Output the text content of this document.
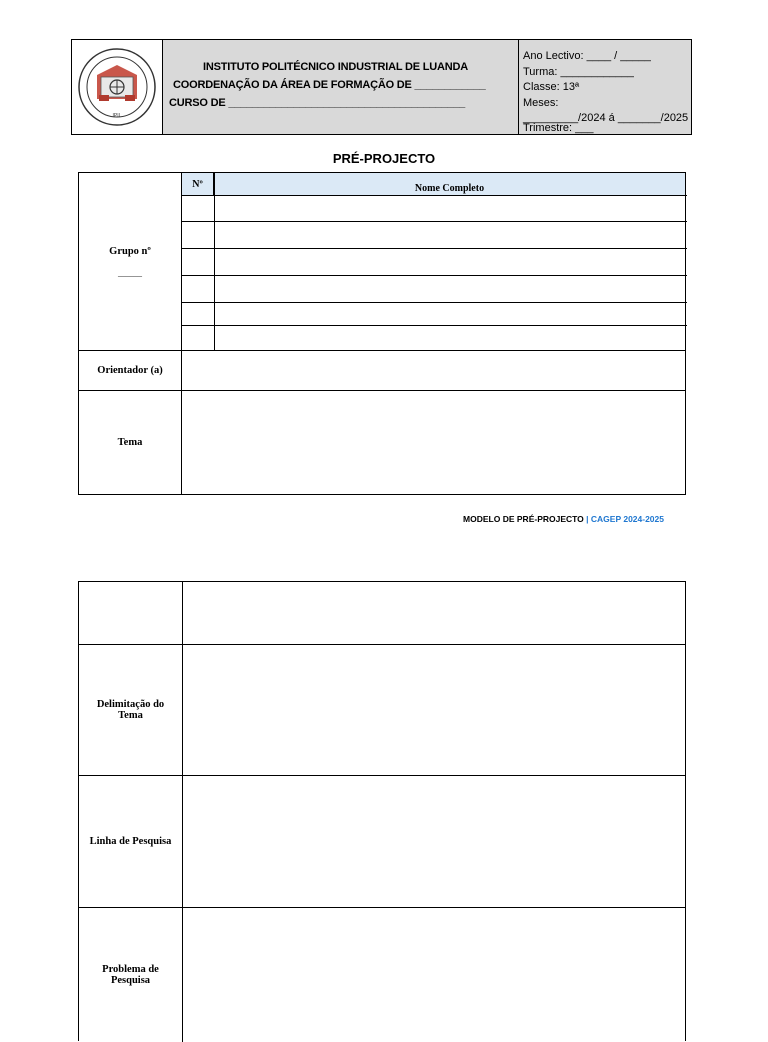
IPIL
INSTITUTO POLITÉCNICO INDUSTRIAL DE LUANDA
COORDENAÇÃO DA ÁREA DE FORMAÇÃO DE ____________
CURSO DE ________________________________________
Ano Lectivo: ____ / _____
Turma: ____________
Classe: 13ª
Meses:
_________/2024 á _______/2025
Trimestre: ___
PRÉ-PROJECTO
Grupo nº
______
Nº	Nome Completo
Orientador (a)
Tema
MODELO DE PRÉ-PROJECTO | CAGEP 2024-2025
Delimitação do Tema
Linha de Pesquisa
Problema de Pesquisa
